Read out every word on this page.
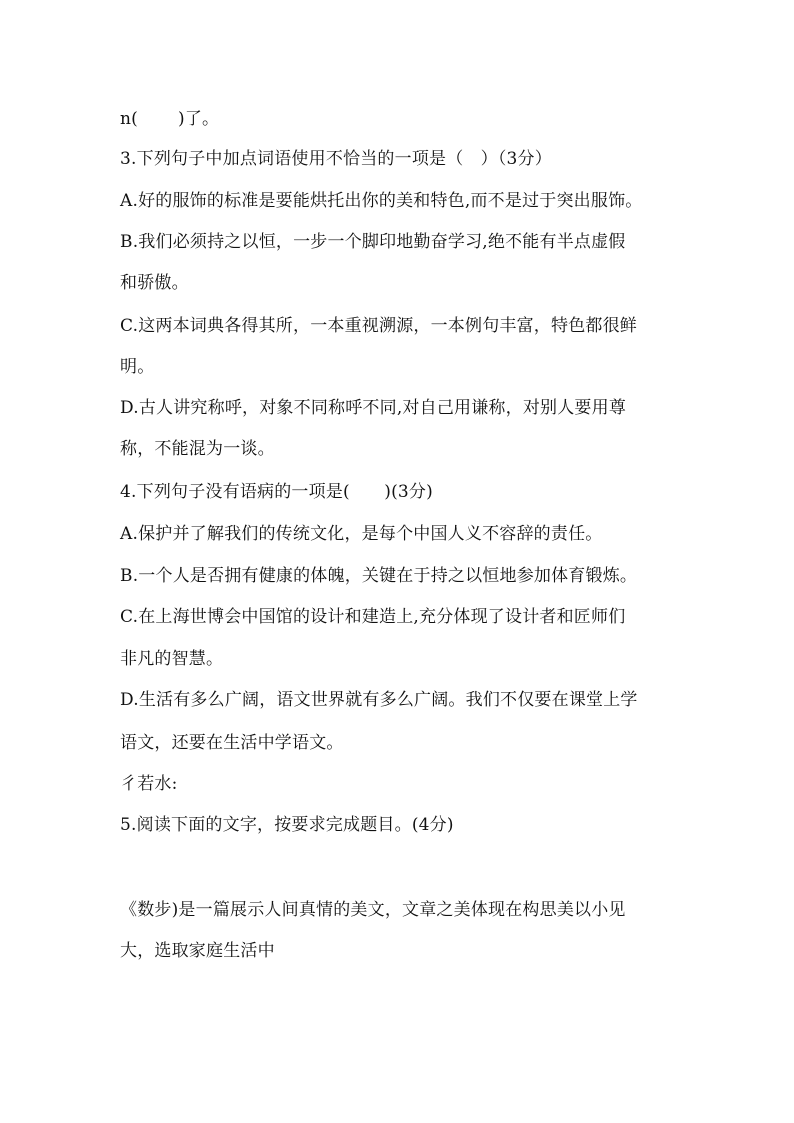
n(　　 )了。
3.下列句子中加点词语使用不恰当的一项是（　）（3分）
A.好的服饰的标准是要能烘托出你的美和特色,而不是过于突出服饰。
B.我们必须持之以恒，一步一个脚印地勤奋学习,绝不能有半点虚假
和骄傲。
C.这两本词典各得其所，一本重视溯源，一本例句丰富，特色都很鲜
明。
D.古人讲究称呼，对象不同称呼不同,对自己用谦称，对别人要用尊
称，不能混为一谈。
4.下列句子没有语病的一项是(　　)(3分)
A.保护并了解我们的传统文化，是每个中国人义不容辞的责任。
B.一个人是否拥有健康的体魄，关键在于持之以恒地参加体育锻炼。
C.在上海世博会中国馆的设计和建造上,充分体现了设计者和匠师们
非凡的智慧。
D.生活有多么广阔，语文世界就有多么广阔。我们不仅要在课堂上学
语文，还要在生活中学语文。
彳若水:
5.阅读下面的文字，按要求完成题目。(4分)
《数步)是一篇展示人间真情的美文，文章之美体现在构思美以小见
大，选取家庭生活中
